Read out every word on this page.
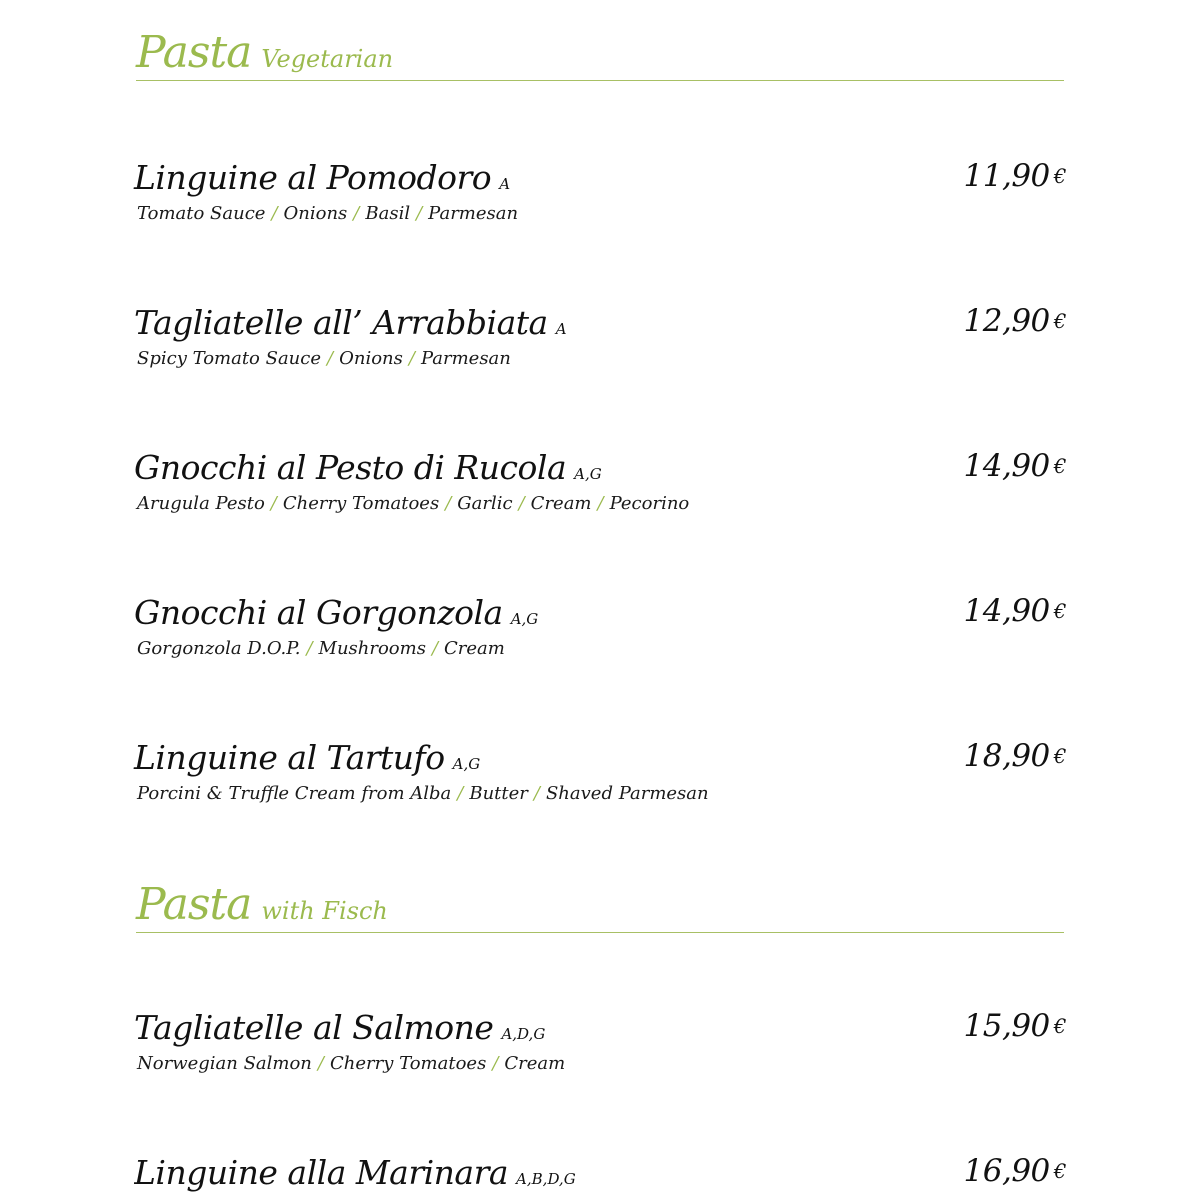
Pasta Vegetarian
Linguine al Pomodoro A	11,90 €
Tomato Sauce / Onions / Basil / Parmesan
Tagliatelle all’ Arrabbiata A	12,90 €
Spicy Tomato Sauce / Onions / Parmesan
Gnocchi al Pesto di Rucola A,G	14,90 €
Arugula Pesto / Cherry Tomatoes / Garlic / Cream / Pecorino
Gnocchi al Gorgonzola A,G	14,90 €
Gorgonzola D.O.P. / Mushrooms / Cream
Linguine al Tartufo A,G	18,90 €
Porcini & Truffle Cream from Alba / Butter / Shaved Parmesan
Pasta with Fisch
Tagliatelle al Salmone A,D,G	15,90 €
Norwegian Salmon / Cherry Tomatoes / Cream
Linguine alla Marinara A,B,D,G	16,90 €
